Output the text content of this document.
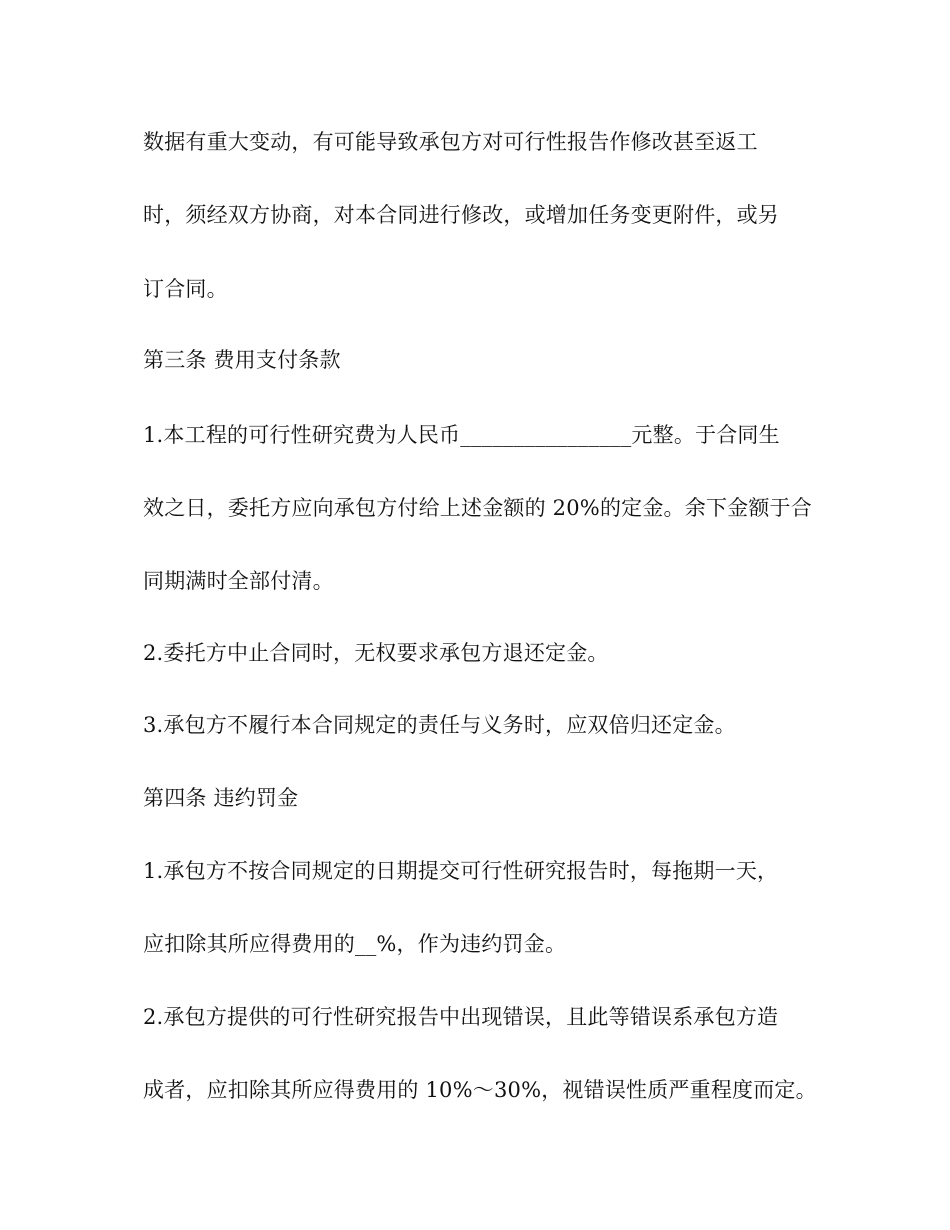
数据有重大变动，有可能导致承包方对可行性报告作修改甚至返工

时，须经双方协商，对本合同进行修改，或增加任务变更附件，或另

订合同。

第三条 费用支付条款

1.本工程的可行性研究费为人民币________________元整。于合同生

效之日，委托方应向承包方付给上述金额的 20%的定金。余下金额于合

同期满时全部付清。

2.委托方中止合同时，无权要求承包方退还定金。

3.承包方不履行本合同规定的责任与义务时，应双倍归还定金。

第四条 违约罚金

1.承包方不按合同规定的日期提交可行性研究报告时，每拖期一天，

应扣除其所应得费用的__%，作为违约罚金。

2.承包方提供的可行性研究报告中出现错误，且此等错误系承包方造

成者，应扣除其所应得费用的 10%～30%，视错误性质严重程度而定。
